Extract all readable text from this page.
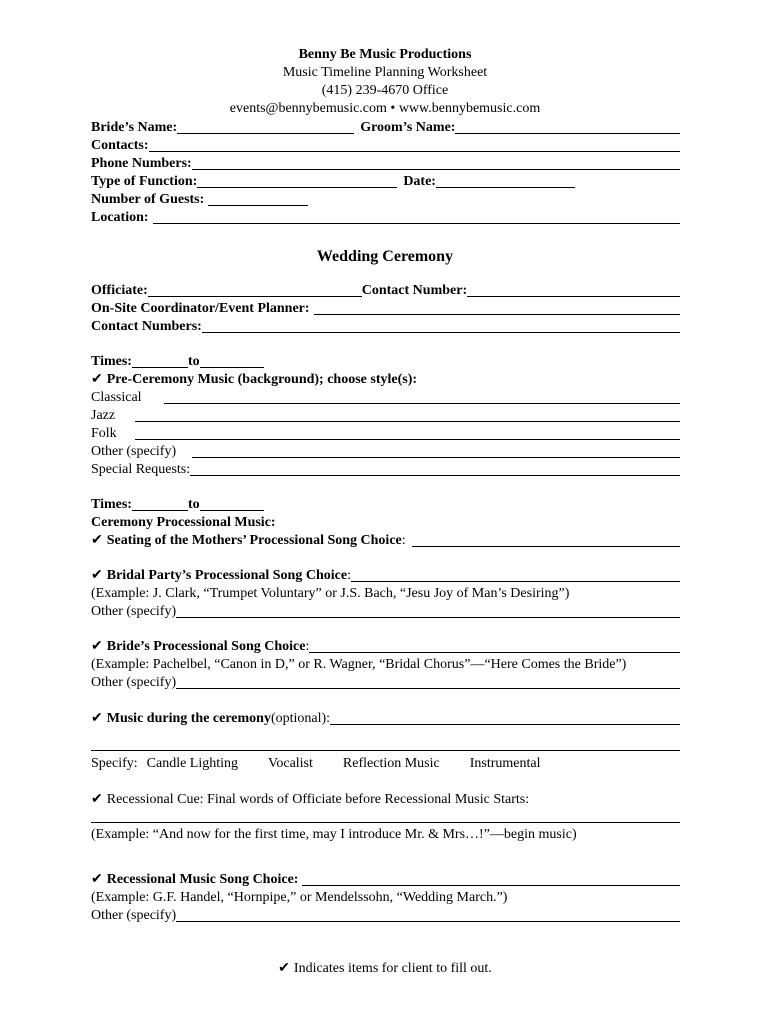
Benny Be Music Productions
Music Timeline Planning Worksheet
(415) 239-4670 Office
events@bennybemusic.com • www.bennybemusic.com
Bride’s Name:	Groom’s Name:
Contacts:
Phone Numbers:
Type of Function:	Date:
Number of Guests:
Location:
Wedding Ceremony
Officiate:	Contact Number:
On-Site Coordinator/Event Planner:
Contact Numbers:
Times:	to
✔ Pre-Ceremony Music (background); choose style(s):
Classical
Jazz
Folk
Other (specify)
Special Requests:
Times:	to
Ceremony Processional Music:
✔ Seating of the Mothers’ Processional Song Choice :
✔ Bridal Party’s Processional Song Choice :
(Example: J. Clark, “Trumpet Voluntary” or J.S. Bach, “Jesu Joy of Man’s Desiring”)
Other (specify)
✔ Bride’s Processional Song Choice :
(Example: Pachelbel, “Canon in D,” or R. Wagner, “Bridal Chorus”—“Here Comes the Bride”)
Other (specify)
✔ Music during the ceremony (optional):
Specify: Candle Lighting Vocalist Reflection Music Instrumental
✔ Recessional Cue: Final words of Officiate before Recessional Music Starts:
(Example: “And now for the first time, may I introduce Mr. & Mrs…!”—begin music)
✔ Recessional Music Song Choice:
(Example: G.F. Handel, “Hornpipe,” or Mendelssohn, “Wedding March.”)
Other (specify)
✔ Indicates items for client to fill out.
